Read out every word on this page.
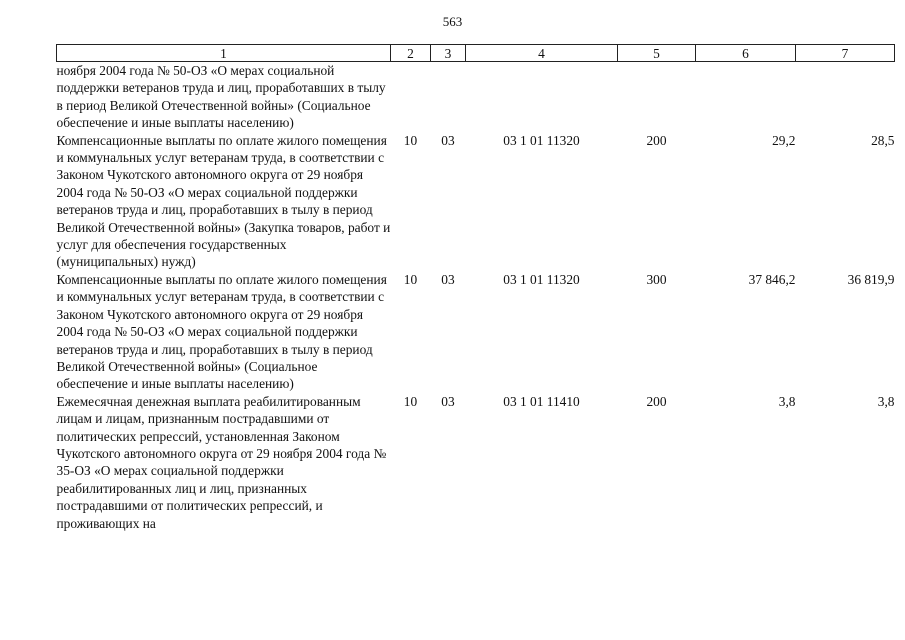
563
1	2	3	4	5	6	7
ноября 2004 года № 50-ОЗ «О мерах социальной поддержки ветеранов труда и лиц, проработавших в тылу в период Великой Отечественной войны» (Социальное обеспечение и иные выплаты населению)						
Компенсационные выплаты по оплате жилого помещения и коммунальных услуг ветеранам труда, в соответствии с Законом Чукотского автономного округа от 29 ноября 2004 года № 50-ОЗ «О мерах социальной поддержки ветеранов труда и лиц, проработавших в тылу в период Великой Отечественной войны» (Закупка товаров, работ и услуг для обеспечения государственных (муниципальных) нужд)	10	03	03 1 01 11320	200	29,2	28,5
Компенсационные выплаты по оплате жилого помещения и коммунальных услуг ветеранам труда, в соответствии с Законом Чукотского автономного округа от 29 ноября 2004 года № 50-ОЗ «О мерах социальной поддержки ветеранов труда и лиц, проработавших в тылу в период Великой Отечественной войны» (Социальное обеспечение и иные выплаты населению)	10	03	03 1 01 11320	300	37 846,2	36 819,9
Ежемесячная денежная выплата реабилитированным лицам и лицам, признанным пострадавшими от политических репрессий, установленная Законом Чукотского автономного округа от 29 ноября 2004 года № 35-ОЗ «О мерах социальной поддержки реабилитированных лиц и лиц, признанных пострадавшими от политических репрессий, и проживающих на	10	03	03 1 01 11410	200	3,8	3,8
